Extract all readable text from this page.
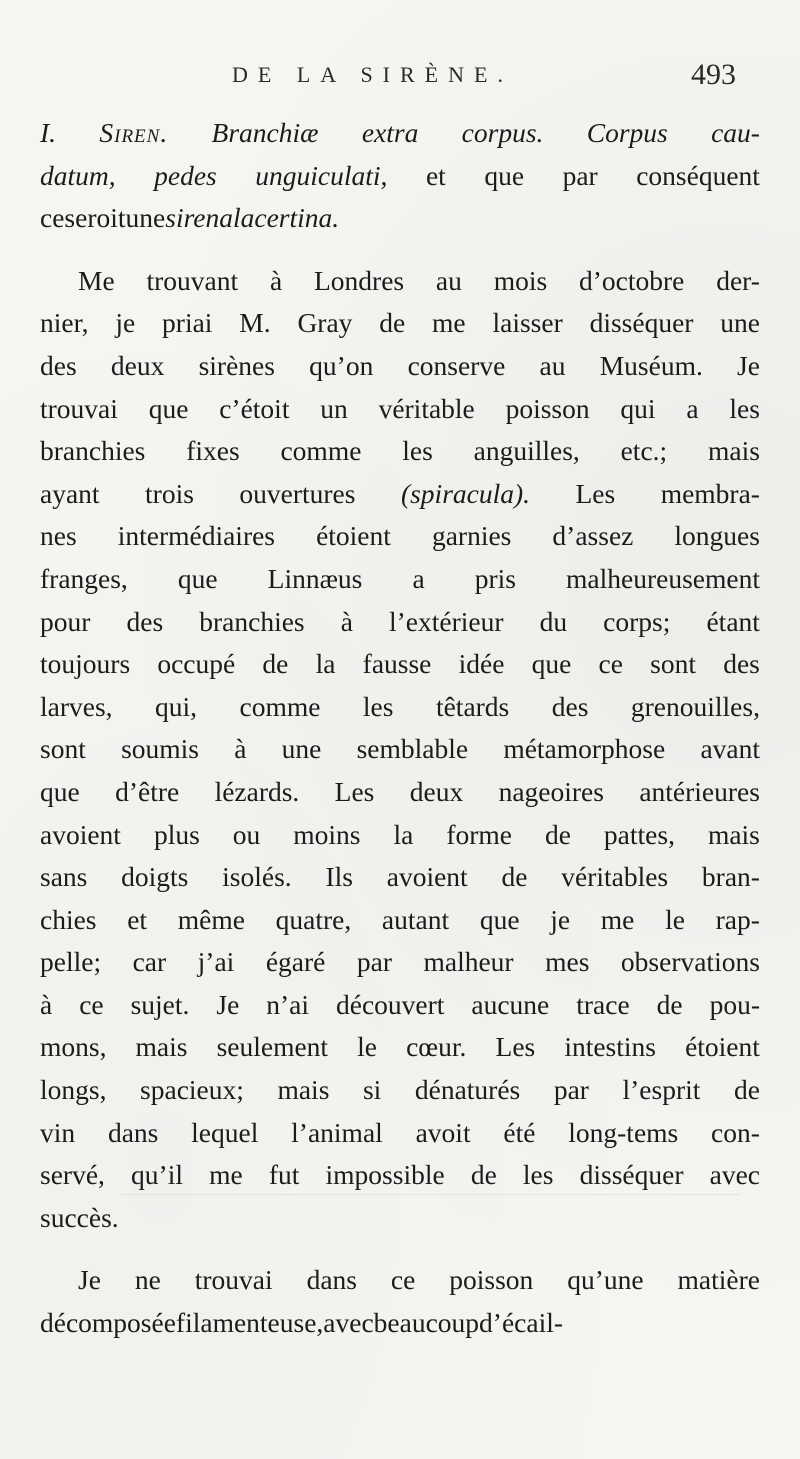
DE LA SIRÈNE.	493
I. Siren. Branchiæ extra corpus. Corpus cau-
datum, pedes unguiculati, et que par conséquent
ce seroit une sirena lacertina.
Me trouvant à Londres au mois d’octobre der-
nier, je priai M. Gray de me laisser disséquer une
des deux sirènes qu’on conserve au Muséum. Je
trouvai que c’étoit un véritable poisson qui a les
branchies fixes comme les anguilles, etc.; mais
ayant trois ouvertures (spiracula). Les membra-
nes intermédiaires étoient garnies d’assez longues
franges, que Linnæus a pris malheureusement
pour des branchies à l’extérieur du corps; étant
toujours occupé de la fausse idée que ce sont des
larves, qui, comme les têtards des grenouilles,
sont soumis à une semblable métamorphose avant
que d’être lézards. Les deux nageoires antérieures
avoient plus ou moins la forme de pattes, mais
sans doigts isolés. Ils avoient de véritables bran-
chies et même quatre, autant que je me le rap-
pelle; car j’ai égaré par malheur mes observations
à ce sujet. Je n’ai découvert aucune trace de pou-
mons, mais seulement le cœur. Les intestins étoient
longs, spacieux; mais si dénaturés par l’esprit de
vin dans lequel l’animal avoit été long-tems con-
servé, qu’il me fut impossible de les disséquer avec
succès.
Je ne trouvai dans ce poisson qu’une matière
décomposée filamenteuse, avec beaucoup d’écail-
